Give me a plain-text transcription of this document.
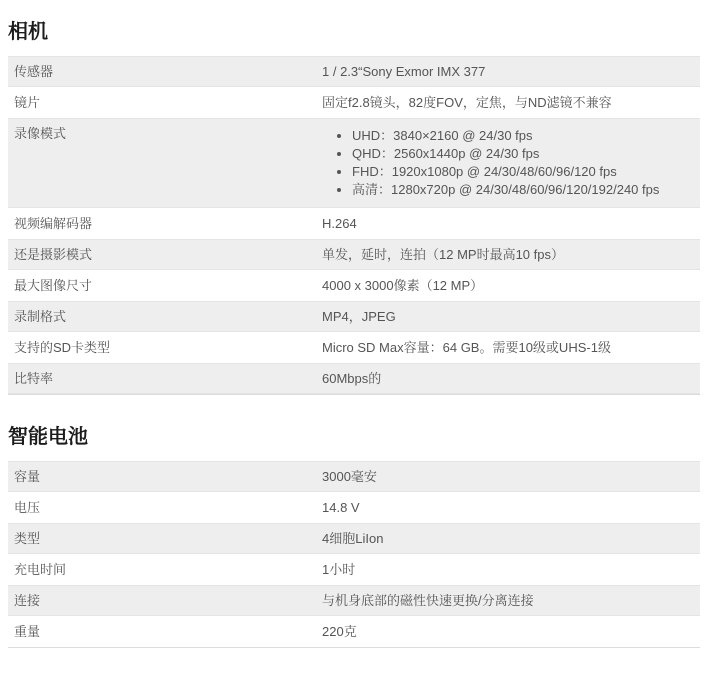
相机
传感器	1 / 2.3“Sony Exmor IMX 377
镜片	固定f2.8镜头，82度FOV，定焦，与ND滤镜不兼容
录像模式	• UHD：3840×2160 @ 24/30 fps
• QHD：2560x1440p @ 24/30 fps
• FHD：1920x1080p @ 24/30/48/60/96/120 fps
• 高清：1280x720p @ 24/30/48/60/96/120/192/240 fps
视频编解码器	H.264
还是摄影模式	单发，延时，连拍（12 MP时最高10 fps）
最大图像尺寸	4000 x 3000像素（12 MP）
录制格式	MP4，JPEG
支持的SD卡类型	Micro SD Max容量：64 GB。需要10级或UHS-1级
比特率	60Mbps的
智能电池
容量	3000毫安
电压	14.8 V
类型	4细胞LiIon
充电时间	1小时
连接	与机身底部的磁性快速更换/分离连接
重量	220克
